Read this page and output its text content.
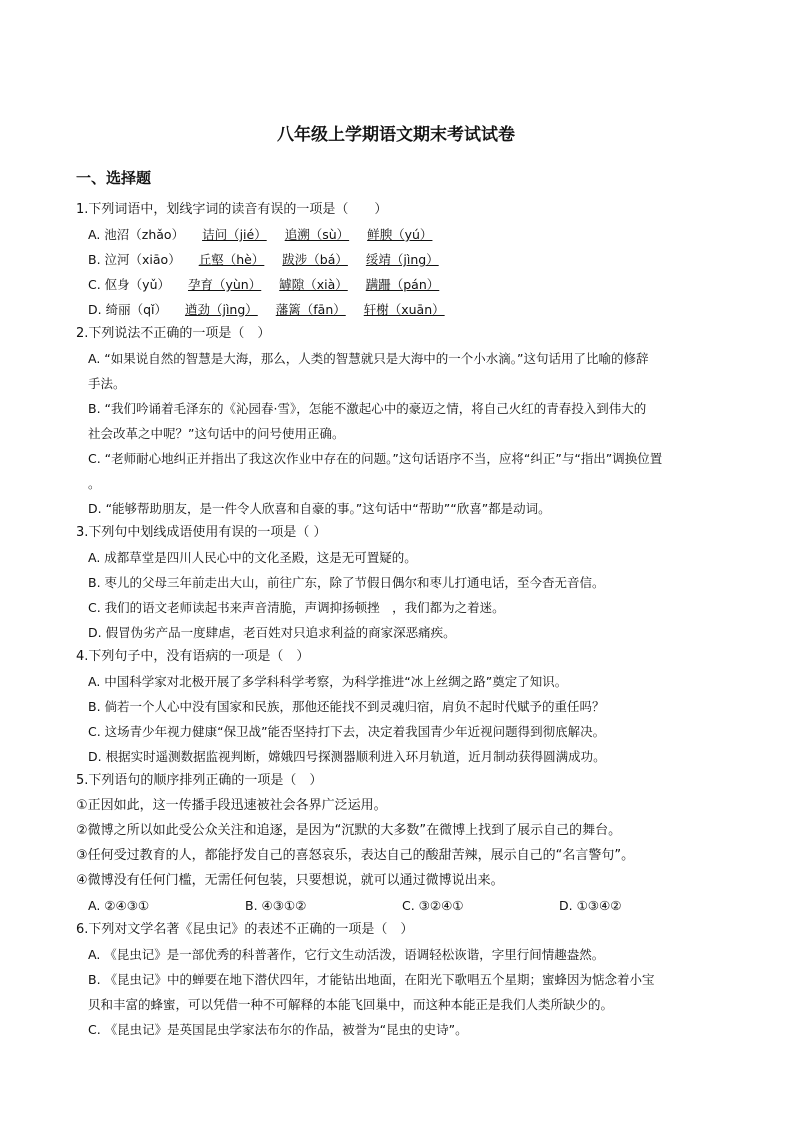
八年级上学期语文期末考试试卷
一、选择题

1.下列词语中，划线字词的读音有误的一项是（　　）

A. 池沼（zhǎo） 诘问（jié） 追溯（sù） 鲜腴（yú）

B. 泣河（xiāo） 丘壑（hè） 跋涉（bá） 绥靖（jìng）

C. 伛身（yǔ） 孕育（yùn） 罅隙（xià） 蹒跚（pán）

D. 绮丽（qǐ） 遒劲（jìng） 藩篱（fān） 轩榭（xuān）

2.下列说法不正确的一项是（　）

A. “如果说自然的智慧是大海，那么，人类的智慧就只是大海中的一个小水滴。”这句话用了比喻的修辞

手法。

B. “我们吟诵着毛泽东的《沁园春·雪》，怎能不激起心中的豪迈之情，将自己火红的青春投入到伟大的

社会改革之中呢？”这句话中的问号使用正确。

C. “老师耐心地纠正并指出了我这次作业中存在的问题。”这句话语序不当，应将“纠正”与“指出”调换位置

。

D. “能够帮助朋友，是一件令人欣喜和自豪的事。”这句话中“帮助”“欣喜”都是动词。

3.下列句中划线成语使用有误的一项是（ ）

A. 成都草堂是四川人民心中的文化圣殿，这是无可置疑的。

B. 枣儿的父母三年前走出大山，前往广东，除了节假日偶尔和枣儿打通电话，至今杳无音信。

C. 我们的语文老师读起书来声音清脆，声调抑扬顿挫　，我们都为之着迷。

D. 假冒伪劣产品一度肆虐，老百姓对只追求利益的商家深恶痛疾。

4.下列句子中，没有语病的一项是（　）

A. 中国科学家对北极开展了多学科科学考察，为科学推进“冰上丝绸之路”奠定了知识。

B. 倘若一个人心中没有国家和民族，那他还能找不到灵魂归宿，肩负不起时代赋予的重任吗？

C. 这场青少年视力健康“保卫战”能否坚持打下去，决定着我国青少年近视问题得到彻底解决。

D. 根据实时遥测数据监视判断，嫦娥四号探测器顺利进入环月轨道，近月制动获得圆满成功。

5.下列语句的顺序排列正确的一项是（　）

①正因如此，这一传播手段迅速被社会各界广泛运用。

②微博之所以如此受公众关注和追逐，是因为“沉默的大多数”在微博上找到了展示自己的舞台。

③任何受过教育的人，都能抒发自己的喜怒哀乐，表达自己的酸甜苦辣，展示自己的“名言警句”。

④微博没有任何门槛，无需任何包装，只要想说，就可以通过微博说出来。

A. ②④③①	B. ④③①②	C. ③②④①	D. ①③④②

6.下列对文学名著《昆虫记》的表述不正确的一项是（　）

A. 《昆虫记》是一部优秀的科普著作，它行文生动活泼，语调轻松诙谐，字里行间情趣盎然。

B. 《昆虫记》中的蝉要在地下潜伏四年，才能钻出地面，在阳光下歌唱五个星期；蜜蜂因为惦念着小宝

贝和丰富的蜂蜜，可以凭借一种不可解释的本能飞回巢中，而这种本能正是我们人类所缺少的。

C. 《昆虫记》是英国昆虫学家法布尔的作品，被誉为“昆虫的史诗”。
